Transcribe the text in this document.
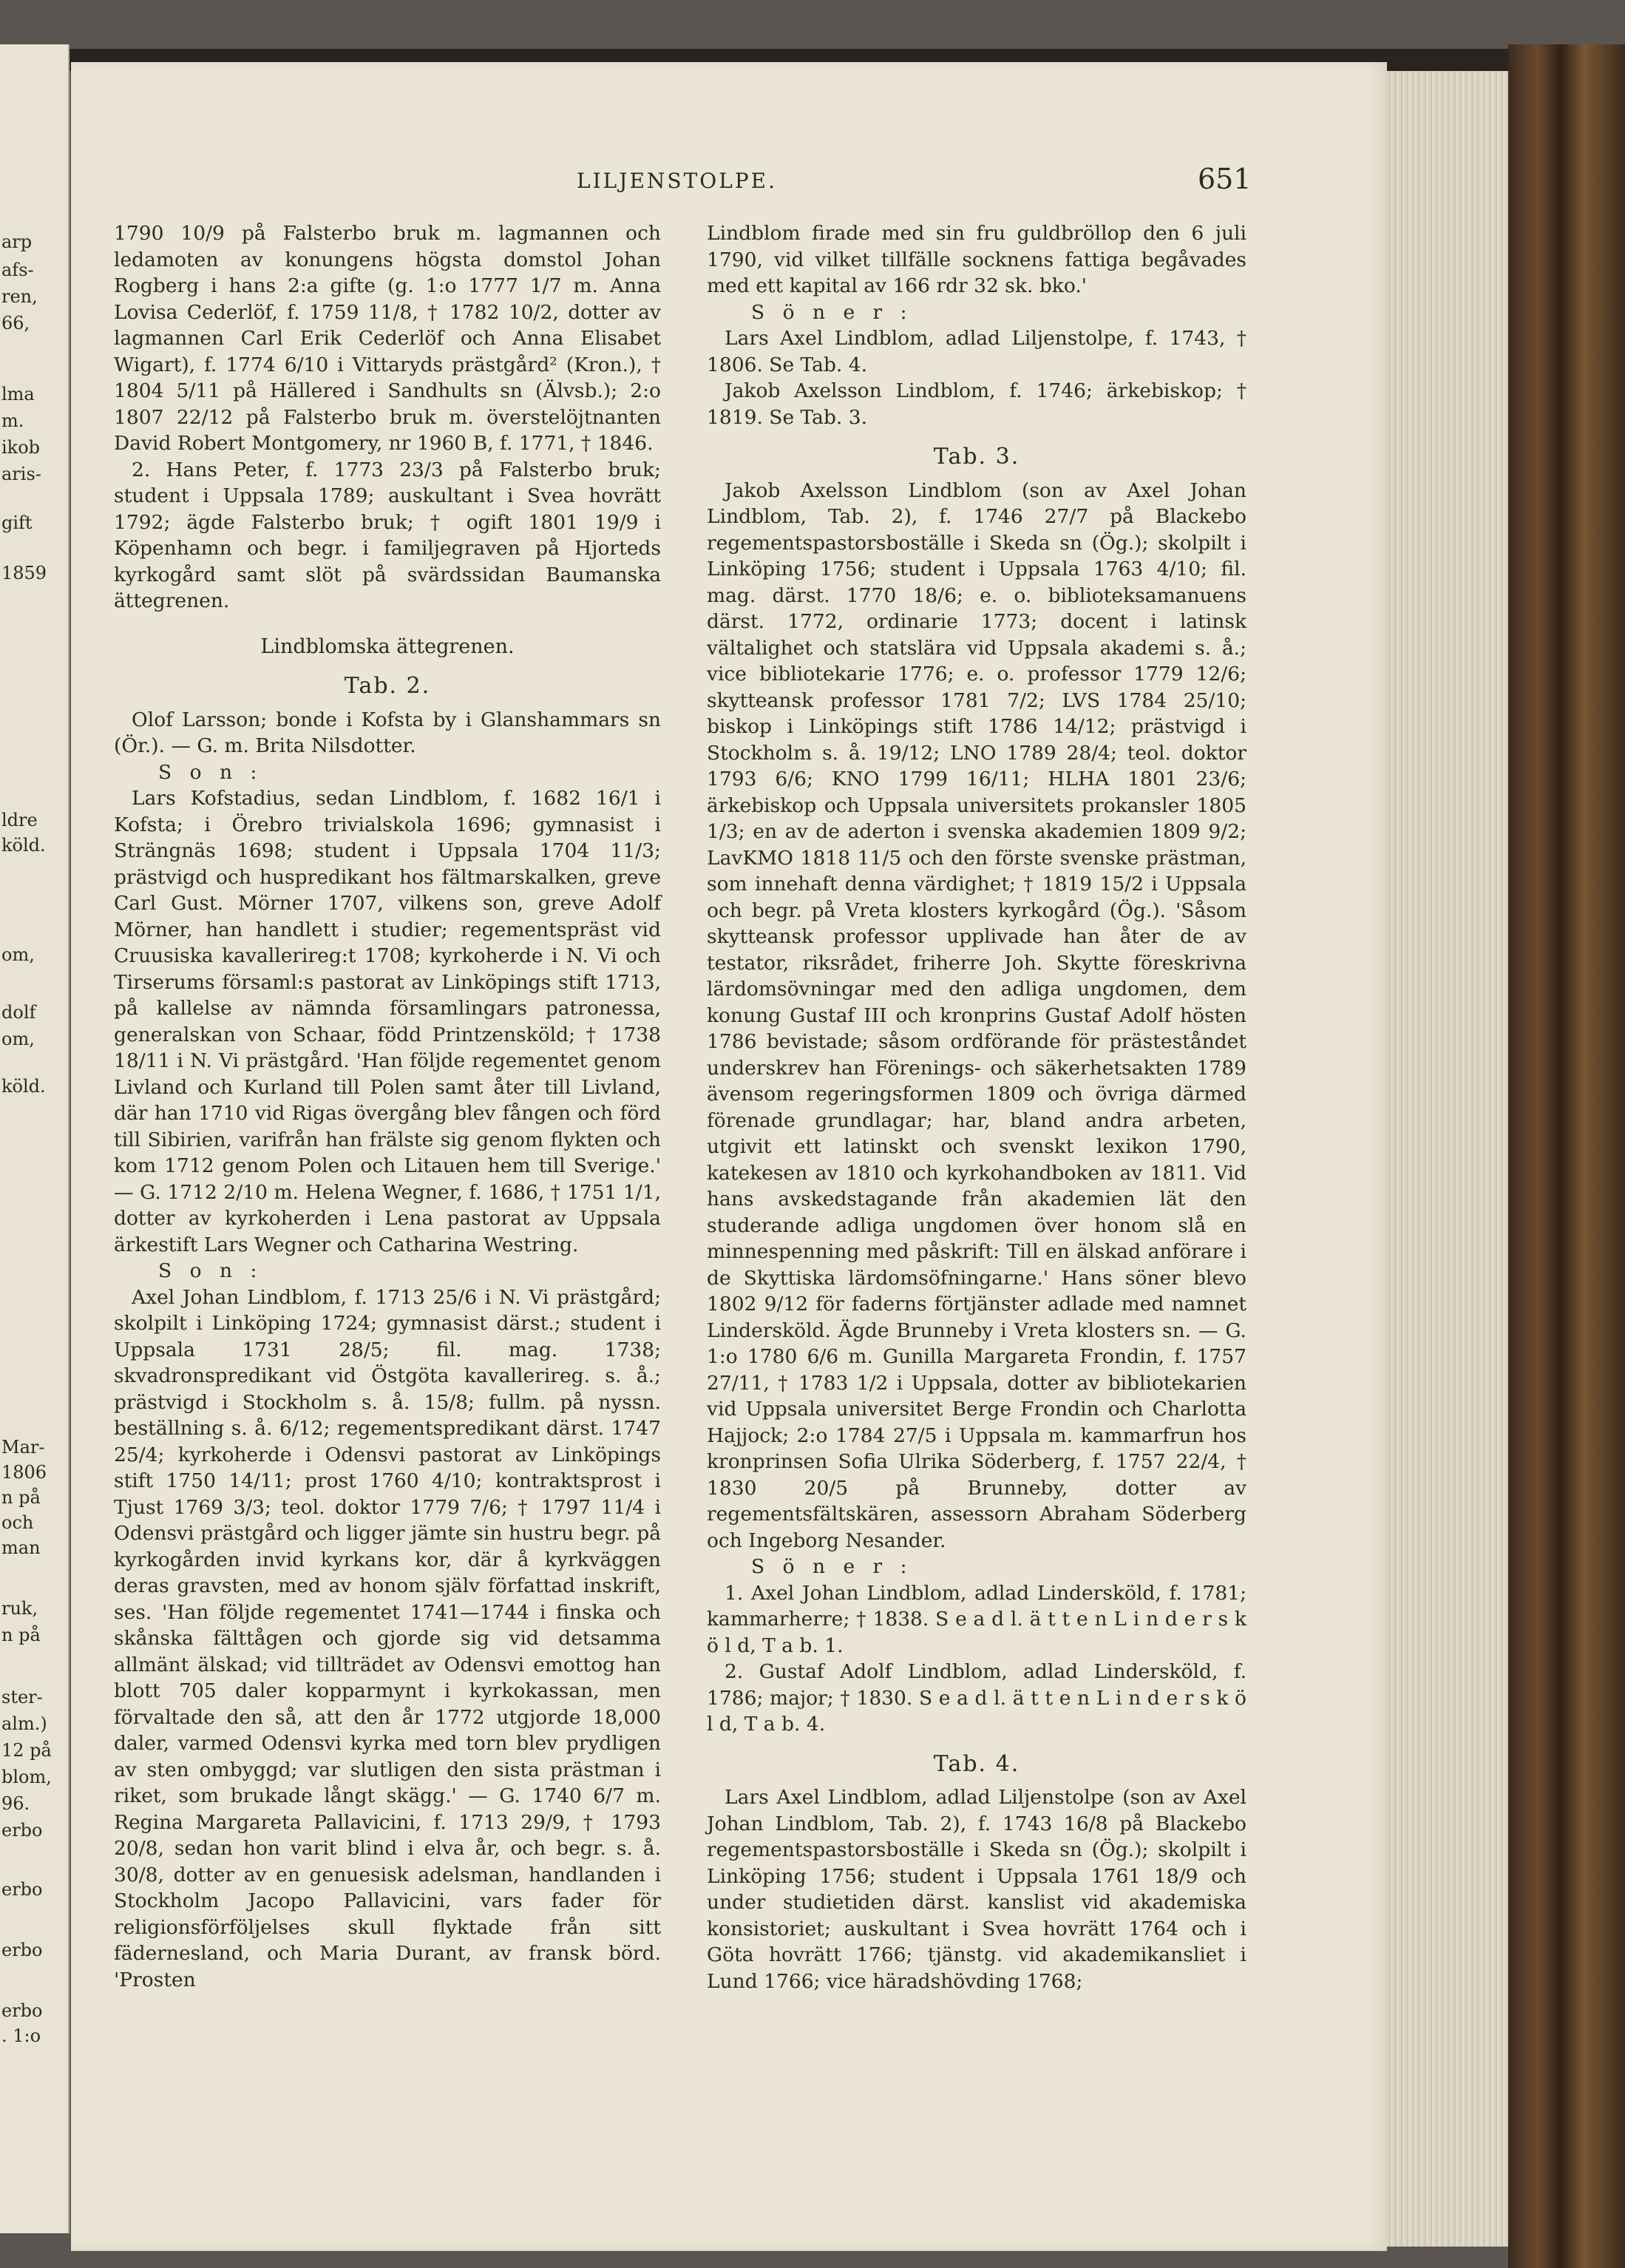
arp
afs-
ren,
66,
lma
m.
ikob
aris-
gift
1859
ldre
köld.
om,
dolf
om,
köld.
Mar-
1806
n på
och
man
ruk,
n på
ster-
alm.)
12 på
blom,
96.
erbo
erbo
erbo
erbo
. 1:o
LILJENSTOLPE.	651

1790 10/9 på Falsterbo bruk m. lagmannen och ledamoten av konungens högsta domstol Johan Rogberg i hans 2:a gifte (g. 1:o 1777 1/7 m. Anna Lovisa Cederlöf, f. 1759 11/8, † 1782 10/2, dotter av lagmannen Carl Erik Cederlöf och Anna Elisabet Wigart), f. 1774 6/10 i Vittaryds prästgård² (Kron.), † 1804 5/11 på Hällered i Sandhults sn (Älvsb.); 2:o 1807 22/12 på Falsterbo bruk m. överstelöjtnanten David Robert Montgomery, nr 1960 B, f. 1771, † 1846.

2. Hans Peter, f. 1773 23/3 på Falsterbo bruk; student i Uppsala 1789; auskultant i Svea hovrätt 1792; ägde Falsterbo bruk; † ogift 1801 19/9 i Köpenhamn och begr. i familjegraven på Hjorteds kyrkogård samt slöt på svärdssidan Baumanska ättegrenen.

Lindblomska ättegrenen.

Tab. 2.

Olof Larsson; bonde i Kofsta by i Glanshammars sn (Ör.). — G. m. Brita Nilsdotter.

S o n :

Lars Kofstadius, sedan Lindblom, f. 1682 16/1 i Kofsta; i Örebro trivialskola 1696; gymnasist i Strängnäs 1698; student i Uppsala 1704 11/3; prästvigd och huspredikant hos fältmarskalken, greve Carl Gust. Mörner 1707, vilkens son, greve Adolf Mörner, han handlett i studier; regementspräst vid Cruusiska kavallerireg:t 1708; kyrkoherde i N. Vi och Tirserums församl:s pastorat av Linköpings stift 1713, på kallelse av nämnda församlingars patronessa, generalskan von Schaar, född Printzensköld; † 1738 18/11 i N. Vi prästgård. 'Han följde regementet genom Livland och Kurland till Polen samt åter till Livland, där han 1710 vid Rigas övergång blev fången och förd till Sibirien, varifrån han frälste sig genom flykten och kom 1712 genom Polen och Litauen hem till Sverige.' — G. 1712 2/10 m. Helena Wegner, f. 1686, † 1751 1/1, dotter av kyrkoherden i Lena pastorat av Uppsala ärkestift Lars Wegner och Catharina Westring.

S o n :

Axel Johan Lindblom, f. 1713 25/6 i N. Vi prästgård; skolpilt i Linköping 1724; gymnasist därst.; student i Uppsala 1731 28/5; fil. mag. 1738; skvadronspredikant vid Östgöta kavallerireg. s. å.; prästvigd i Stockholm s. å. 15/8; fullm. på nyssn. beställning s. å. 6/12; regementspredikant därst. 1747 25/4; kyrkoherde i Odensvi pastorat av Linköpings stift 1750 14/11; prost 1760 4/10; kontraktsprost i Tjust 1769 3/3; teol. doktor 1779 7/6; † 1797 11/4 i Odensvi prästgård och ligger jämte sin hustru begr. på kyrkogården invid kyrkans kor, där å kyrkväggen deras gravsten, med av honom själv författad inskrift, ses. 'Han följde regementet 1741—1744 i finska och skånska fälttågen och gjorde sig vid detsamma allmänt älskad; vid tillträdet av Odensvi emottog han blott 705 daler kopparmynt i kyrkokassan, men förvaltade den så, att den år 1772 utgjorde 18,000 daler, varmed Odensvi kyrka med torn blev prydligen av sten ombyggd; var slutligen den sista prästman i riket, som brukade långt skägg.' — G. 1740 6/7 m. Regina Margareta Pallavicini, f. 1713 29/9, † 1793 20/8, sedan hon varit blind i elva år, och begr. s. å. 30/8, dotter av en genuesisk adelsman, handlanden i Stockholm Jacopo Pallavicini, vars fader för religionsförföljelses skull flyktade från sitt fädernesland, och Maria Durant, av fransk börd. 'Prosten

Lindblom firade med sin fru guldbröllop den 6 juli 1790, vid vilket tillfälle socknens fattiga begåvades med ett kapital av 166 rdr 32 sk. bko.'

S ö n e r :

Lars Axel Lindblom, adlad Liljenstolpe, f. 1743, † 1806. Se Tab. 4.

Jakob Axelsson Lindblom, f. 1746; ärkebiskop; † 1819. Se Tab. 3.

Tab. 3.

Jakob Axelsson Lindblom (son av Axel Johan Lindblom, Tab. 2), f. 1746 27/7 på Blackebo regementspastorsboställe i Skeda sn (Ög.); skolpilt i Linköping 1756; student i Uppsala 1763 4/10; fil. mag. därst. 1770 18/6; e. o. biblioteksamanuens därst. 1772, ordinarie 1773; docent i latinsk vältalighet och statslära vid Uppsala akademi s. å.; vice bibliotekarie 1776; e. o. professor 1779 12/6; skytteansk professor 1781 7/2; LVS 1784 25/10; biskop i Linköpings stift 1786 14/12; prästvigd i Stockholm s. å. 19/12; LNO 1789 28/4; teol. doktor 1793 6/6; KNO 1799 16/11; HLHA 1801 23/6; ärkebiskop och Uppsala universitets prokansler 1805 1/3; en av de aderton i svenska akademien 1809 9/2; LavKMO 1818 11/5 och den förste svenske prästman, som innehaft denna värdighet; † 1819 15/2 i Uppsala och begr. på Vreta klosters kyrkogård (Ög.). 'Såsom skytteansk professor upplivade han åter de av testator, riksrådet, friherre Joh. Skytte föreskrivna lärdomsövningar med den adliga ungdomen, dem konung Gustaf III och kronprins Gustaf Adolf hösten 1786 bevistade; såsom ordförande för prästeståndet underskrev han Förenings- och säkerhetsakten 1789 ävensom regeringsformen 1809 och övriga därmed förenade grundlagar; har, bland andra arbeten, utgivit ett latinskt och svenskt lexikon 1790, katekesen av 1810 och kyrkohandboken av 1811. Vid hans avskedstagande från akademien lät den studerande adliga ungdomen över honom slå en minnespenning med påskrift: Till en älskad anförare i de Skyttiska lärdomsöfningarne.' Hans söner blevo 1802 9/12 för faderns förtjänster adlade med namnet Lindersköld. Ägde Brunneby i Vreta klosters sn. — G. 1:o 1780 6/6 m. Gunilla Margareta Frondin, f. 1757 27/11, † 1783 1/2 i Uppsala, dotter av bibliotekarien vid Uppsala universitet Berge Frondin och Charlotta Hajjock; 2:o 1784 27/5 i Uppsala m. kammarfrun hos kronprinsen Sofia Ulrika Söderberg, f. 1757 22/4, † 1830 20/5 på Brunneby, dotter av regementsfältskären, assessorn Abraham Söderberg och Ingeborg Nesander.

S ö n e r :

1. Axel Johan Lindblom, adlad Lindersköld, f. 1781; kammarherre; † 1838. S e a d l. ä t t e n L i n d e r s k ö l d, T a b. 1.

2. Gustaf Adolf Lindblom, adlad Lindersköld, f. 1786; major; † 1830. S e a d l. ä t t e n L i n d e r s k ö l d, T a b. 4.

Tab. 4.

Lars Axel Lindblom, adlad Liljenstolpe (son av Axel Johan Lindblom, Tab. 2), f. 1743 16/8 på Blackebo regementspastorsboställe i Skeda sn (Ög.); skolpilt i Linköping 1756; student i Uppsala 1761 18/9 och under studietiden därst. kanslist vid akademiska konsistoriet; auskultant i Svea hovrätt 1764 och i Göta hovrätt 1766; tjänstg. vid akademikansliet i Lund 1766; vice häradshövding 1768;
